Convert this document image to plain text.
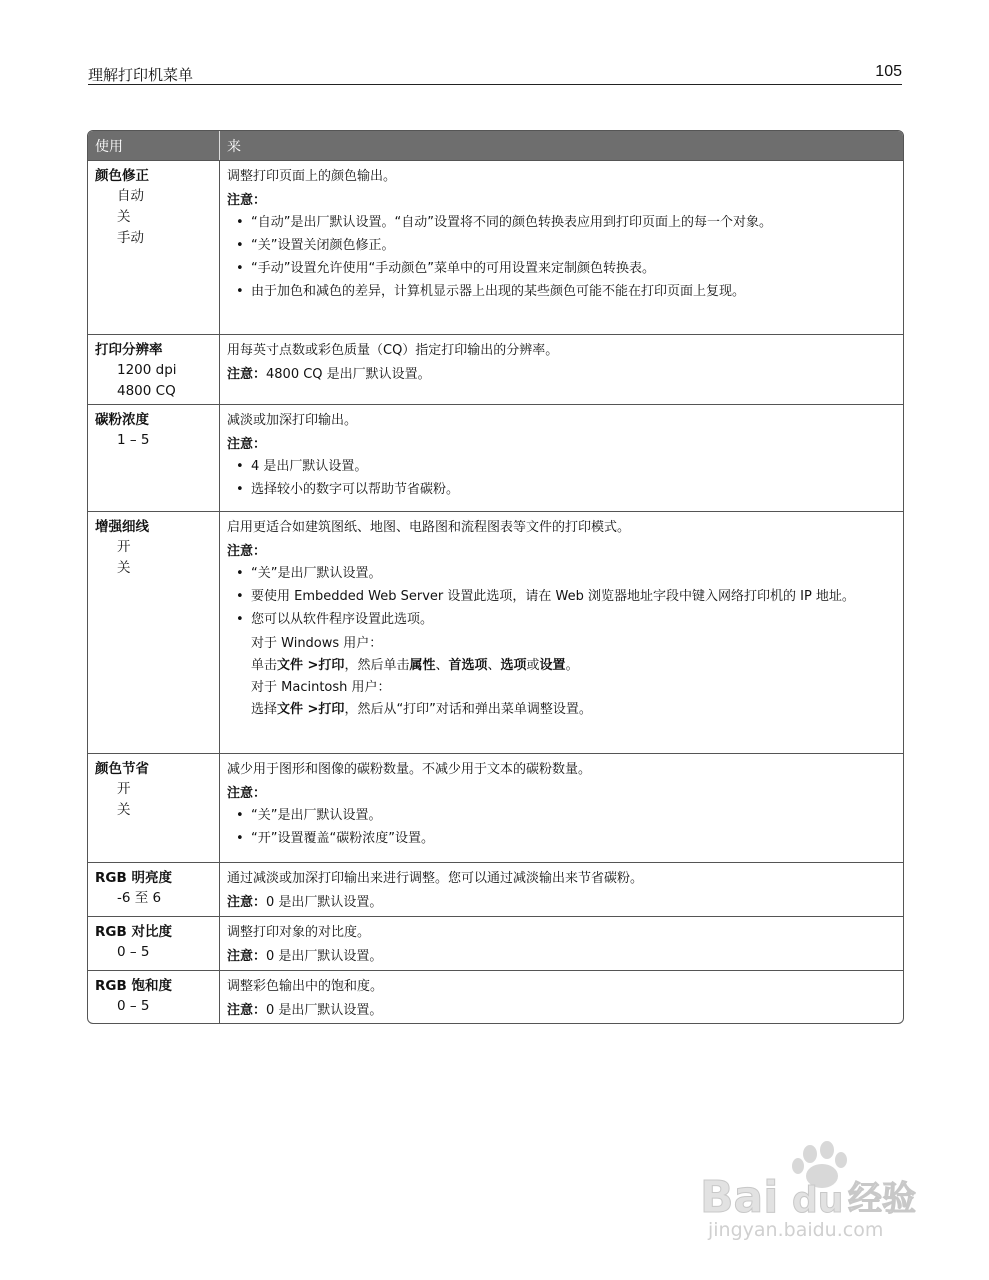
理解打印机菜单	105
使用	来
颜色修正
自动
关
手动
调整打印页面上的颜色输出。
注意：
• “自动”是出厂默认设置。“自动”设置将不同的颜色转换表应用到打印页面上的每一个对象。
• “关”设置关闭颜色修正。
• “手动”设置允许使用“手动颜色”菜单中的可用设置来定制颜色转换表。
• 由于加色和减色的差异，计算机显示器上出现的某些颜色可能不能在打印页面上复现。
打印分辨率
1200 dpi
4800 CQ
用每英寸点数或彩色质量（CQ）指定打印输出的分辨率。
注意：4800 CQ 是出厂默认设置。
碳粉浓度
1 – 5
减淡或加深打印输出。
注意：
• 4 是出厂默认设置。
• 选择较小的数字可以帮助节省碳粉。
增强细线
开
关
启用更适合如建筑图纸、地图、电路图和流程图表等文件的打印模式。
注意：
• “关”是出厂默认设置。
• 要使用 Embedded Web Server 设置此选项，请在 Web 浏览器地址字段中键入网络打印机的 IP 地址。
• 您可以从软件程序设置此选项。
对于 Windows 用户：
单击文件 >打印，然后单击属性、首选项、选项或设置。
对于 Macintosh 用户：
选择文件 >打印，然后从“打印”对话和弹出菜单调整设置。
颜色节省
开
关
减少用于图形和图像的碳粉数量。不减少用于文本的碳粉数量。
注意：
• “关”是出厂默认设置。
• “开”设置覆盖“碳粉浓度”设置。
RGB 明亮度
-6 至 6
通过减淡或加深打印输出来进行调整。您可以通过减淡输出来节省碳粉。
注意：0 是出厂默认设置。
RGB 对比度
0 – 5
调整打印对象的对比度。
注意：0 是出厂默认设置。
RGB 饱和度
0 – 5
调整彩色输出中的饱和度。
注意：0 是出厂默认设置。
Bai du 经验
jingyan.baidu.com
